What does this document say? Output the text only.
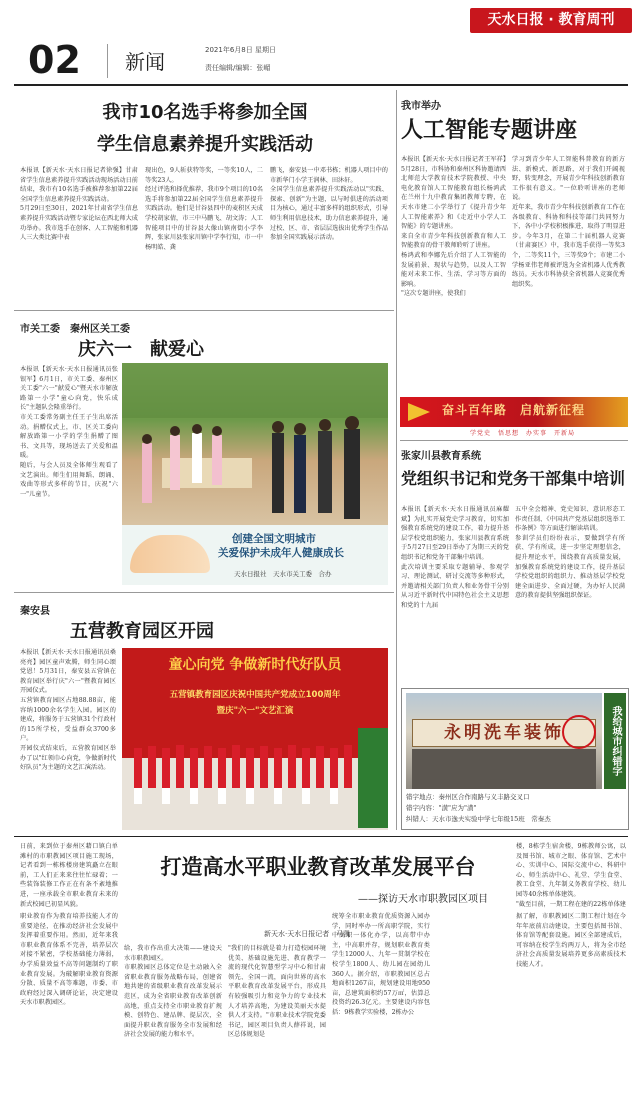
天水日报 · 教育周刊
02 新闻	2021年6月8日 星期日
责任编辑/编辑：张嵋
我市10名选手将参加全国
学生信息素养提升实践活动
本报讯【新天水·天水日报记者徐强】甘肃省学生信息素养提升实践活动现场活动日前结束，我市有10名选手被推荐参加第22届全国学生信息素养提升实践活动。
5月29日至30日，2021年甘肃省学生信息素养提升实践活动暨专家论坛在西北师大成功举办。我市选手在创客、人工智能和机器人三大类比赛中表
现出色，9人斩获特等奖，一等奖10人，二等奖23人。
经过评选和择优推荐，我市9个项目的10名选手将参加第22届全国学生信息素养提升实践活动。他们是甘谷县四中的麦积区天成学校胡家倩，市三中马鹏飞、胡文涛；人工智能项目中的甘谷县大像山镇南街小学李辉，张家川县张家川镇中学李行知，市一中杨明皓、龚
鹏飞，秦安县一中邓书栋；机器人项目中的市新华门小学王润林、田沐轩。
全国学生信息素养提升实践活动以"实践、探索、创新"为主题，以与时俱进的活动项目为核心，通过丰富多样的组织形式，引导师生利用信息技术，助力信息素养提升，通过校、区、市、省层层选拔出优秀学生作品参加全国实践展示活动。
我市举办
人工智能专题讲座
本报讯【新天水·天水日报记者王军祥】5月28日，市科协和秦州区科协邀请西北师范大学教育技术学院教授、中央电化教育馆人工智能教育组长杨鸿武在兰州十九中教育集团教师专聘，在天水市建二小学举行了《提升青少年人工智能素养》和《走近中小学人工智能》的专题讲座。
来自全市青少年科技创新教育和人工智能教育的骨干教师聆听了讲座。
杨鸿武和李娜先后介绍了人工智能的发展前景、现状与趋势，以及人工智能对未来工作、生活、学习等方面的影响。
"这次专题讲座，使我们
学习到青少年人工智能科普教育的新方法、新模式、新思路，对于我们开阔视野，转变理念，开展青少年科技创新教育工作很有意义。"一位聆听讲座的老师说。
近年来，我市青少年科技创新教育工作在各级教育、科协和科技等部门共同努力下，各中小学校积极推进，取得了明显进步。今年3月，在第二十届机器人竞赛（甘肃赛区）中，我市选手获得一等奖3个，二等奖11个，三等奖9个；市建二小学杨亚伟老师被评选为全省机器人优秀教练员。天水市科协获全省机器人竞赛优秀组织奖。
奋斗百年路　启航新征程
学党史　悟思想　办实事　开新局
市关工委　秦州区关工委
庆六一　献爱心
本报讯【新天水·天水日报通讯员张银军】6月1日，市关工委、秦州区关工委"六一"献爱心"暨天水市解放路第一小学"童心向党，快乐成长"主题队会隆重举行。
市关工委常务副主任王子生出席活动。捐赠仪式上，市、区关工委向解放路第一小学的学生捐赠了图书、文具等，现场送去了关爱和温暖。
随后，与会人员及全体师生观看了文艺演出。师生们用舞蹈、朗诵、戏曲等形式多样的节目，庆祝"六一"儿童节。
创建全国文明城市
关爱保护未成年人健康成长
天水日报社　天水市关工委　合办
秦安县
五营教育园区开园
本报讯【新天水·天水日报通讯员桑亮亮】园区童声欢腾，师生同心颂党恩！5月31日，秦安县五营镇在教育园区举行庆"六一"暨教育园区开园仪式。
五营镇教育园区占地88.88亩，能容纳1000余名学生入园。园区的建成，将服务于五营镇31个行政村的15所学校，受益群众3700多户。
开园仪式结束后，五营教育园区举办了以"红领巾心向党，争做新时代好队员"为主题的文艺汇演活动。
童心向党 争做新时代好队员
五营镇教育园区庆祝中国共产党成立100周年
暨庆"六一"文艺汇演
张家川县教育系统
党组织书记和党务干部集中培训
本报讯【新天水·天水日报通讯员麻耀斌】为扎实开展党史学习教育，切实加强教育系统党的建设工作，着力提升基层学校党组织能力，张家川县教育系统于5月27日至29日举办了为期三天的党组织书记和党务干部集中培训。
此次培训主要采取专题辅导、参观学习、理论测试、研讨交流等多种形式，并邀请相关部门负责人和业务骨干分别从习近平新时代中国特色社会主义思想和党的十九届
五中全会精神、党史知识、意识形态工作责任制、《中国共产党基层组织选举工作条例》等方面进行解读培训。
参训学员们纷纷表示，要做到学有所获、学有所成，进一步坚定理想信念，提升理论水平，围绕教育高质量发展，加强教育系统党的建设工作，提升基层学校党组织的组织力、推动基层学校党建全面进步、全面过硬，为办好人民满意的教育提供坚强组织保证。
永明洗车装饰	我给城市纠错字
错字地点：秦州区合作南路与义丰路交叉口
错字内容："潢"应为"潢"
纠错人：天水市逸夫实验中学七年级15班　常秦杰
日前，来到位于秦州区藉口镇白单滩村的市职教园区项目施工现场，记者看到一栋栋楼房建筑矗立在眼前，工人们正来来往往忙碌着；一些装饰装修工作正在有条不紊地推进，一座承载全市职业教育未来的新式校园已初显风貌。
打造高水平职业教育改革发展平台
——探访天水市职教园区项目
楼，8栋学生宿舍楼，9栋教师公寓，以及图书馆、城市之眼、体育馆、艺术中心、实训中心、国际交流中心、科研中心、师生活动中心、礼堂、学生食堂、教工食堂、九年制义务教育学校、幼儿园等40余栋单体建筑。
"截至目前，一期工程在建的22栋单体建
新天水·天水日报记者　马凯
职业教育作为教育培养技能人才的重要途径，在推动经济社会发展中发挥着重要作用。然而，近年来我市职业教育体系不完善，培养层次对接不紧密，学校基础能力薄弱，办学质量效益不高等问题制约了职业教育发展。为破解职业教育资源分散、质量不高等难题，市委、市政府经过深入调研论证，决定建设天水市职教园区。
给，我市作出重大决策——建设天水市职教园区。
市职教园区总体定位是主动融入全省职业教育服务战略布局，创建省地共建的省级职业教育改革发展示范区，成为全省职业教育改革创新高地，重点支持全市职业教育扩规模、创特色、建品牌、提层次，全面提升职业教育服务全市发展和经济社会发展的能力和水平。
"我们的目标就是着力打造校园环境优美、基础设施先进、教育教学一流的现代化智慧型学习中心和甘肃领先、全国一流，面向世界的高水平职业教育改革发展平台，形成具有较强吸引力和竞争力的专业技术人才培养高地，为建设美丽天水提供人才支持。"市职业技术学院党委书记，园区项目负责人薛祥说，园区总体规划是
统筹全市职业教育优质资源入园办学，同时率办一所高职学院，实行中高职一体化办学，以高带中办主，中高职并存，规划职业教育类学生12000人、九年一贯制学校在校学生1800人、幼儿园在园幼儿360人。据介绍，市职教园区总占地面积1267亩，规划建设用地950亩，总建筑面积约57万㎡，估算总投资约26.3亿元。主要建设内容包括：9栋教学实验楼，2栋办公
据了解，市职教园区二期工程计划在今年年底前启动建设，主要包括图书馆、体育馆等配套设施。园区全部建成后，可容纳在校学生约两万人，将为全市经济社会高质量发展培养更多高素质技术技能人才。
